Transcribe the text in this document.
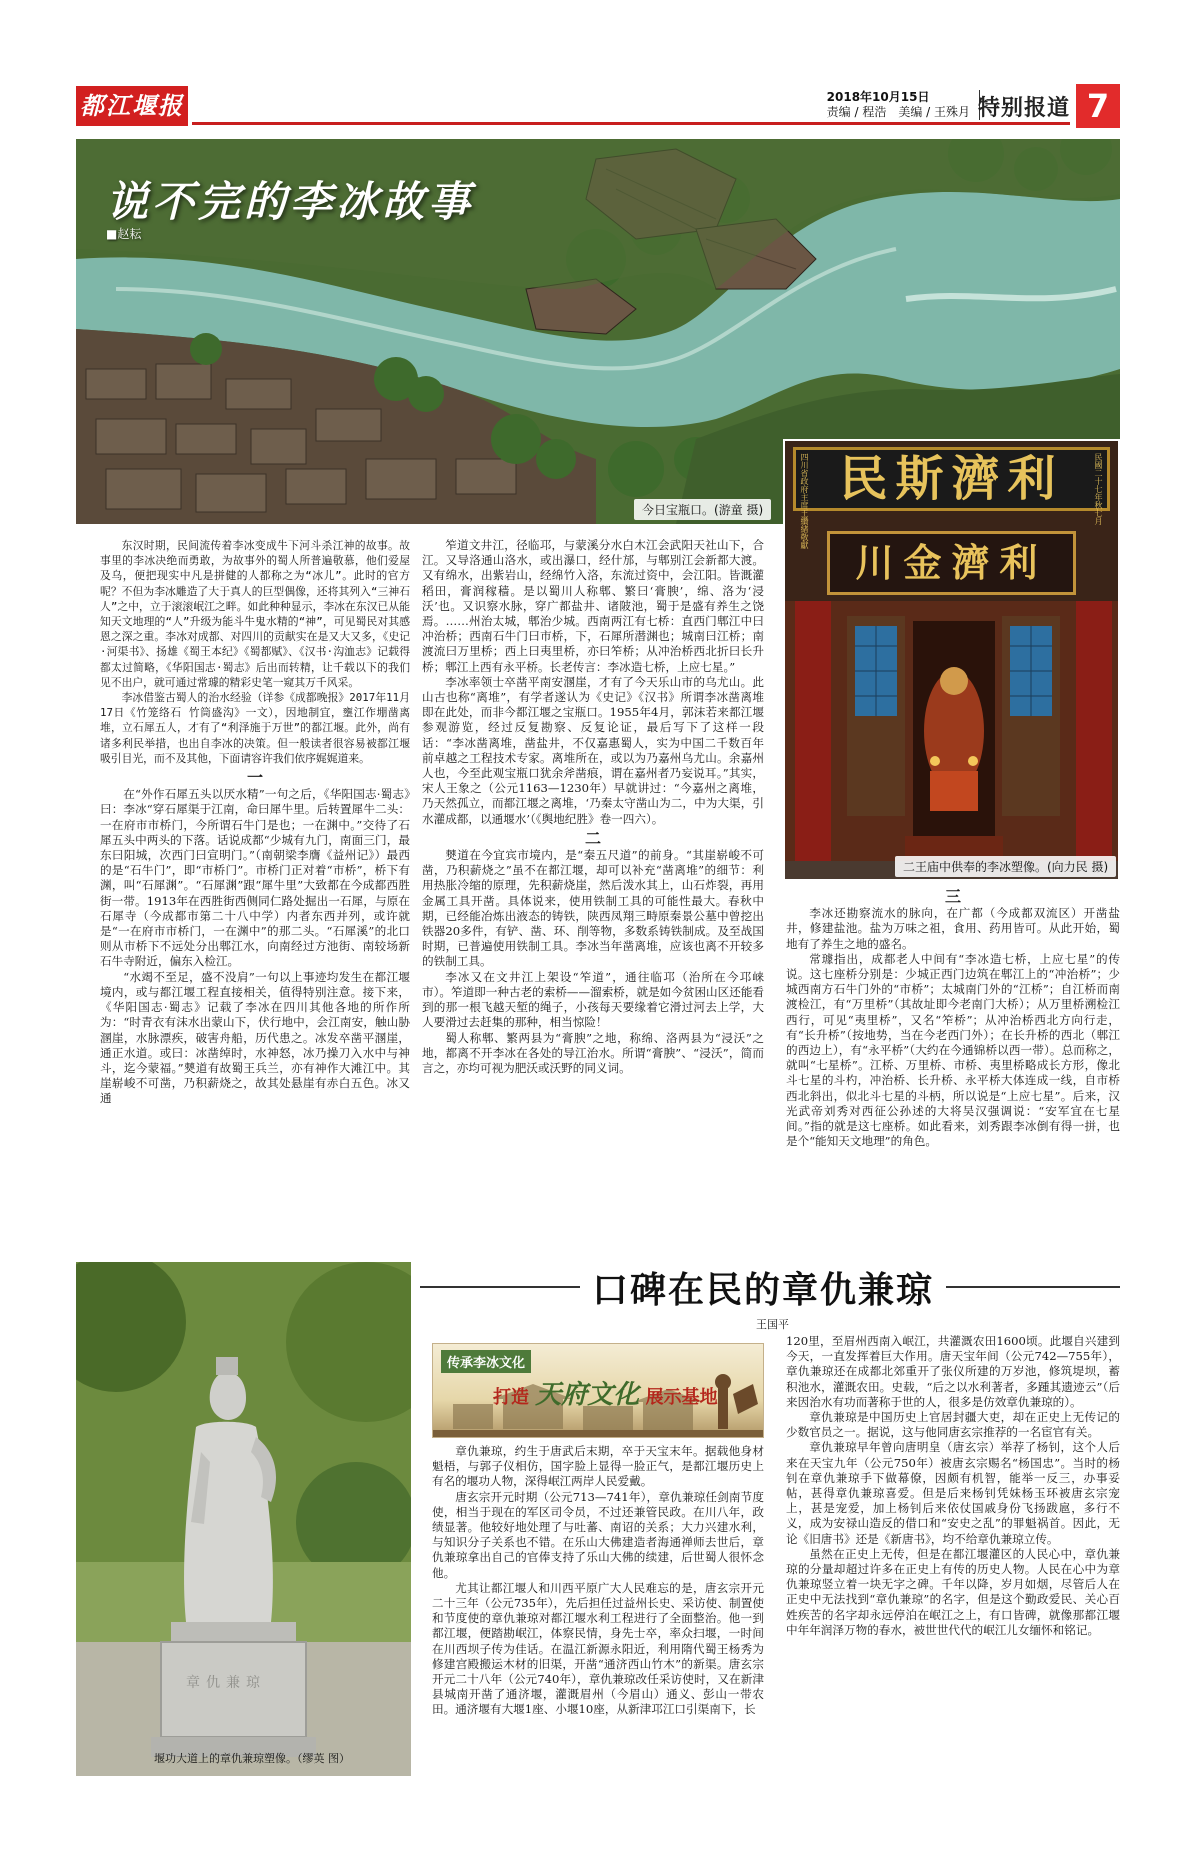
都江堰报	2018年10月15日
责编 / 程浩　美编 / 王殊月 特别报道 7
说不完的李冰故事
■赵耘
今日宝瓶口。(游童 摄)
民斯濟利	民國二十七年秋七月
四川省政府主席王纘緒敬獻
川金濟利
二王庙中供奉的李冰塑像。(向力民 摄)

东汉时期，民间流传着李冰变成牛下河斗杀江神的故事。故事里的李冰决绝而勇敢，为故事外的蜀人所普遍敬慕，他们爱屋及乌，便把现实中凡是拼健的人都称之为“冰儿”。此时的官方呢？不但为李冰雕造了大于真人的巨型偶像，还将其列入“三神石人”之中，立于滚滚岷江之畔。如此种种显示，李冰在东汉已从能知天文地理的“人”升级为能斗牛鬼水精的“神”，可见蜀民对其感恩之深之重。李冰对成都、对四川的贡献实在是又大又多，《史记·河渠书》、扬雄《蜀王本纪》《蜀都赋》、《汉书·沟洫志》记载得都太过简略，《华阳国志·蜀志》后出而转精，让千载以下的我们见不出户，就可通过常璩的精彩史笔一窥其万千风采。

李冰借鉴古蜀人的治水经验（详参《成都晚报》2017年11月17日《竹笼络石 竹筒盛沟》一文），因地制宜，壅江作堋凿离堆，立石犀五人，才有了“利泽施于万世”的都江堰。此外，尚有诸多利民举措，也出自李冰的决策。但一般读者很容易被都江堰吸引目光，而不及其他，下面请容许我们依序娓娓道来。

一

在“外作石犀五头以厌水精”一句之后，《华阳国志·蜀志》曰：李冰“穿石犀渠于江南，命曰犀牛里。后转置犀牛二头：一在府市市桥门，今所谓石牛门是也；一在渊中。”交待了石犀五头中两头的下落。话说成都“少城有九门，南面三门，最东曰阳城，次西门曰宣明门。”（南朝梁李膺《益州记》）最西的是“石牛门”，即“市桥门”。市桥门正对着“市桥”，桥下有渊，叫“石犀渊”。“石犀渊”跟“犀牛里”大致都在今成都西胜街一带。1913年在西胜街西侧同仁路处掘出一石犀，与原在石犀寺（今成都市第二十八中学）内者东西并列，或许就是“一在府市市桥门，一在渊中”的那二头。“石犀溪”的北口则从市桥下不远处分出郫江水，向南经过方池街、南较场新石牛寺附近，偏东入检江。

“水竭不至足，盛不没肩”一句以上事迹均发生在都江堰境内，或与都江堰工程直接相关，值得特别注意。接下来，《华阳国志·蜀志》记载了李冰在四川其他各地的所作所为：“时青衣有沫水出蒙山下，伏行地中，会江南安，触山胁溷崖，水脉漂疾，破害舟船，历代患之。冰发卒凿平溷崖，通正水道。或曰：冰凿绰时，水神怒，冰乃操刀入水中与神斗，迄今蒙福。”僰道有故蜀王兵兰，亦有神作大滩江中。其崖崭峻不可凿，乃积薪烧之，故其处悬崖有赤白五色。冰又通

笮道文井江，径临邛，与蒙溪分水白木江会武阳天社山下，合江。又导洛通山洛水，或出瀑口，经什邡，与郫别江会新都大渡。又有绵水，出紫岩山，经绵竹入洛，东流过资中，会江阳。皆溉灌稻田，膏润稼穑。是以蜀川人称郫、繁曰‘膏腴’，绵、洛为‘浸沃’也。又识察水脉，穿广都盐井、诸陂池，蜀于是盛有养生之饶焉。……州治太城，郫治少城。西南两江有七桥：直西门郫江中曰冲治桥；西南石牛门曰市桥，下，石犀所潜渊也；城南曰江桥；南渡流曰万里桥；西上曰夷里桥，亦曰笮桥；从冲治桥西北折曰长升桥；郫江上西有永平桥。长老传言：李冰造七桥，上应七星。”

李冰率领士卒凿平南安溷崖，才有了今天乐山市的乌尤山。此山古也称“离堆”，有学者遂认为《史记》《汉书》所谓李冰凿离堆即在此处，而非今都江堰之宝瓶口。1955年4月，郭沫若来都江堰参观游览，经过反复勘察、反复论证，最后写下了这样一段话：“李冰凿离堆，凿盐井，不仅嘉惠蜀人，实为中国二千数百年前卓越之工程技术专家。离堆所在，或以为乃嘉州乌尤山。余嘉州人也，今至此观宝瓶口犹余斧凿痕，谓在嘉州者乃妄说耳。”其实，宋人王象之（公元1163—1230年）早就讲过：“今嘉州之离堆，乃天然孤立，而都江堰之离堆，‘乃秦太守凿山为二，中为大渠，引水灌成都，以通堰水’（《舆地纪胜》卷一四六）。

二

僰道在今宜宾市境内，是“秦五尺道”的前身。“其崖崭峻不可凿，乃积薪烧之”虽不在都江堰，却可以补充“凿离堆”的细节：利用热胀冷缩的原理，先积薪烧崖，然后泼水其上，山石炸裂，再用金属工具开凿。具体说来，使用铁制工具的可能性最大。春秋中期，已经能冶炼出液态的铸铁，陕西凤翔三畤原秦景公墓中曾挖出铁器20多件，有铲、凿、环、削等物，多数系铸铁制成。及至战国时期，已普遍使用铁制工具。李冰当年凿离堆，应该也离不开较多的铁制工具。

李冰又在文井江上架设“笮道”，通往临邛（治所在今邛崃市）。笮道即一种古老的索桥——溜索桥，就是如今贫困山区还能看到的那一根飞越天堑的绳子，小孩每天要缘着它滑过河去上学，大人要滑过去赶集的那种，相当惊险！

蜀人称郫、繁两县为“膏腴”之地，称绵、洛两县为“浸沃”之地，都离不开李冰在各处的导江治水。所谓“膏腴”、“浸沃”，简而言之，亦均可视为肥沃或沃野的同义词。

三

李冰还勘察流水的脉向，在广都（今成都双流区）开凿盐井，修建盐池。盐为万味之祖，食用、药用皆可。从此开始，蜀地有了养生之地的盛名。

常璩指出，成都老人中间有“李冰造七桥，上应七星”的传说。这七座桥分别是：少城正西门边筑在郫江上的“冲治桥”；少城西南方石牛门外的“市桥”；太城南门外的“江桥”；自江桥而南渡检江，有“万里桥”（其故址即今老南门大桥）；从万里桥溯检江西行，可见“夷里桥”，又名“笮桥”；从冲治桥西北方向行走，有“长升桥”（按地势，当在今老西门外）；在长升桥的西北（郫江的西边上），有“永平桥”（大约在今通锦桥以西一带）。总而称之，就叫“七星桥”。江桥、万里桥、市桥、夷里桥略成长方形，像北斗七星的斗杓，冲治桥、长升桥、永平桥大体连成一线，自市桥西北斜出，似北斗七星的斗柄，所以说是“上应七星”。后来，汉光武帝刘秀对西征公孙述的大将吴汉强调说：“安军宜在七星间。”指的就是这七座桥。如此看来，刘秀跟李冰倒有得一拼，也是个“能知天文地理”的角色。

章仇兼琼
堰功大道上的章仇兼琼塑像。（缪英 图）
口碑在民的章仇兼琼
王国平
传承李冰文化
打造 天府文化 展示基地

章仇兼琼，约生于唐武后末期，卒于天宝末年。据载他身材魁梧，与郭子仪相仿，国字脸上显得一脸正气，是都江堰历史上有名的堰功人物，深得岷江两岸人民爱戴。

唐玄宗开元时期（公元713—741年），章仇兼琼任剑南节度使，相当于现在的军区司令员，不过还兼管民政。在川八年，政绩显著。他较好地处理了与吐蕃、南诏的关系；大力兴建水利，与知识分子关系也不错。在乐山大佛建造者海通禅师去世后，章仇兼琼拿出自己的官俸支持了乐山大佛的续建，后世蜀人很怀念他。

尤其让都江堰人和川西平原广大人民难忘的是，唐玄宗开元二十三年（公元735年），先后担任过益州长史、采访使、制置使和节度使的章仇兼琼对都江堰水利工程进行了全面整治。他一到都江堰，便踏勘岷江，体察民情，身先士卒，率众扫堰，一时间在川西坝子传为佳话。在温江新源永阳近，利用隋代蜀王杨秀为修建宫殿搬运木材的旧渠，开凿“通济西山竹木”的新渠。唐玄宗开元二十八年（公元740年），章仇兼琼改任采访使时，又在新津县城南开凿了通济堰，灌溉眉州（今眉山）通义、彭山一带农田。通济堰有大堰1座、小堰10座，从新津邛江口引渠南下，长

120里，至眉州西南入岷江，共灌溉农田1600顷。此堰自兴建到今天，一直发挥着巨大作用。唐天宝年间（公元742—755年），章仇兼琼还在成都北郊重开了张仪所建的万岁池，修筑堤坝，蓄积池水，灌溉农田。史载，“后之以水利著者，多踵其遗迹云”（后来因治水有功而著称于世的人，很多是仿效章仇兼琼的）。

章仇兼琼是中国历史上官居封疆大吏，却在正史上无传记的少数官员之一。据说，这与他同唐玄宗推荐的一名宦官有关。

章仇兼琼早年曾向唐明皇（唐玄宗）举荐了杨钊，这个人后来在天宝九年（公元750年）被唐玄宗赐名“杨国忠”。当时的杨钊在章仇兼琼手下做幕僚，因颇有机智，能举一反三，办事妥帖，甚得章仇兼琼喜爱。但是后来杨钊凭妹杨玉环被唐玄宗宠上，甚是宠爱，加上杨钊后来依仗国戚身份飞扬跋扈，多行不义，成为安禄山造反的借口和“安史之乱”的罪魁祸首。因此，无论《旧唐书》还是《新唐书》，均不给章仇兼琼立传。

虽然在正史上无传，但是在都江堰灌区的人民心中，章仇兼琼的分量却超过许多在正史上有传的历史人物。人民在心中为章仇兼琼竖立着一块无字之碑。千年以降，岁月如烟，尽管后人在正史中无法找到“章仇兼琼”的名字，但是这个勤政爱民、关心百姓疾苦的名字却永远停泊在岷江之上，有口皆碑，就像那都江堰中年年润泽万物的春水，被世世代代的岷江儿女缅怀和铭记。
